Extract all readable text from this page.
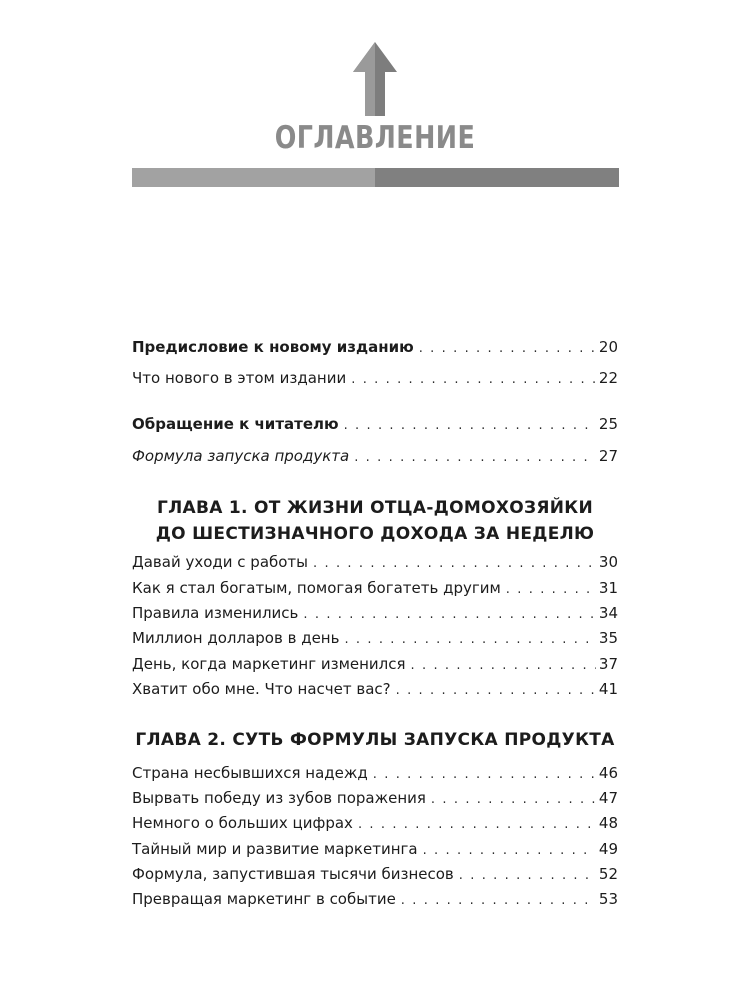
ОГЛАВЛЕНИЕ
Предисловие к новому изданию . . .	20
Что нового в этом издании . . .	22
Обращение к читателю . . .	25
Формула запуска продукта . . .	27
Давай уходи с работы . . .	30
Как я стал богатым, помогая богатеть другим . . .	31
Правила изменились . . .	34
Миллион долларов в день . . .	35
День, когда маркетинг изменился . . .	37
Хватит обо мне. Что насчет вас? . . .	41
Страна несбывшихся надежд . . .	46
Вырвать победу из зубов поражения . . .	47
Немного о больших цифрах . . .	48
Тайный мир и развитие маркетинга . . .	49
Формула, запустившая тысячи бизнесов . . .	52
Превращая маркетинг в событие . . .	53
ГЛАВА 1. ОТ ЖИЗНИ ОТЦА-ДОМОХОЗЯЙКИ
ДО ШЕСТИЗНАЧНОГО ДОХОДА ЗА НЕДЕЛЮ
ГЛАВА 2. СУТЬ ФОРМУЛЫ ЗАПУСКА ПРОДУКТА
